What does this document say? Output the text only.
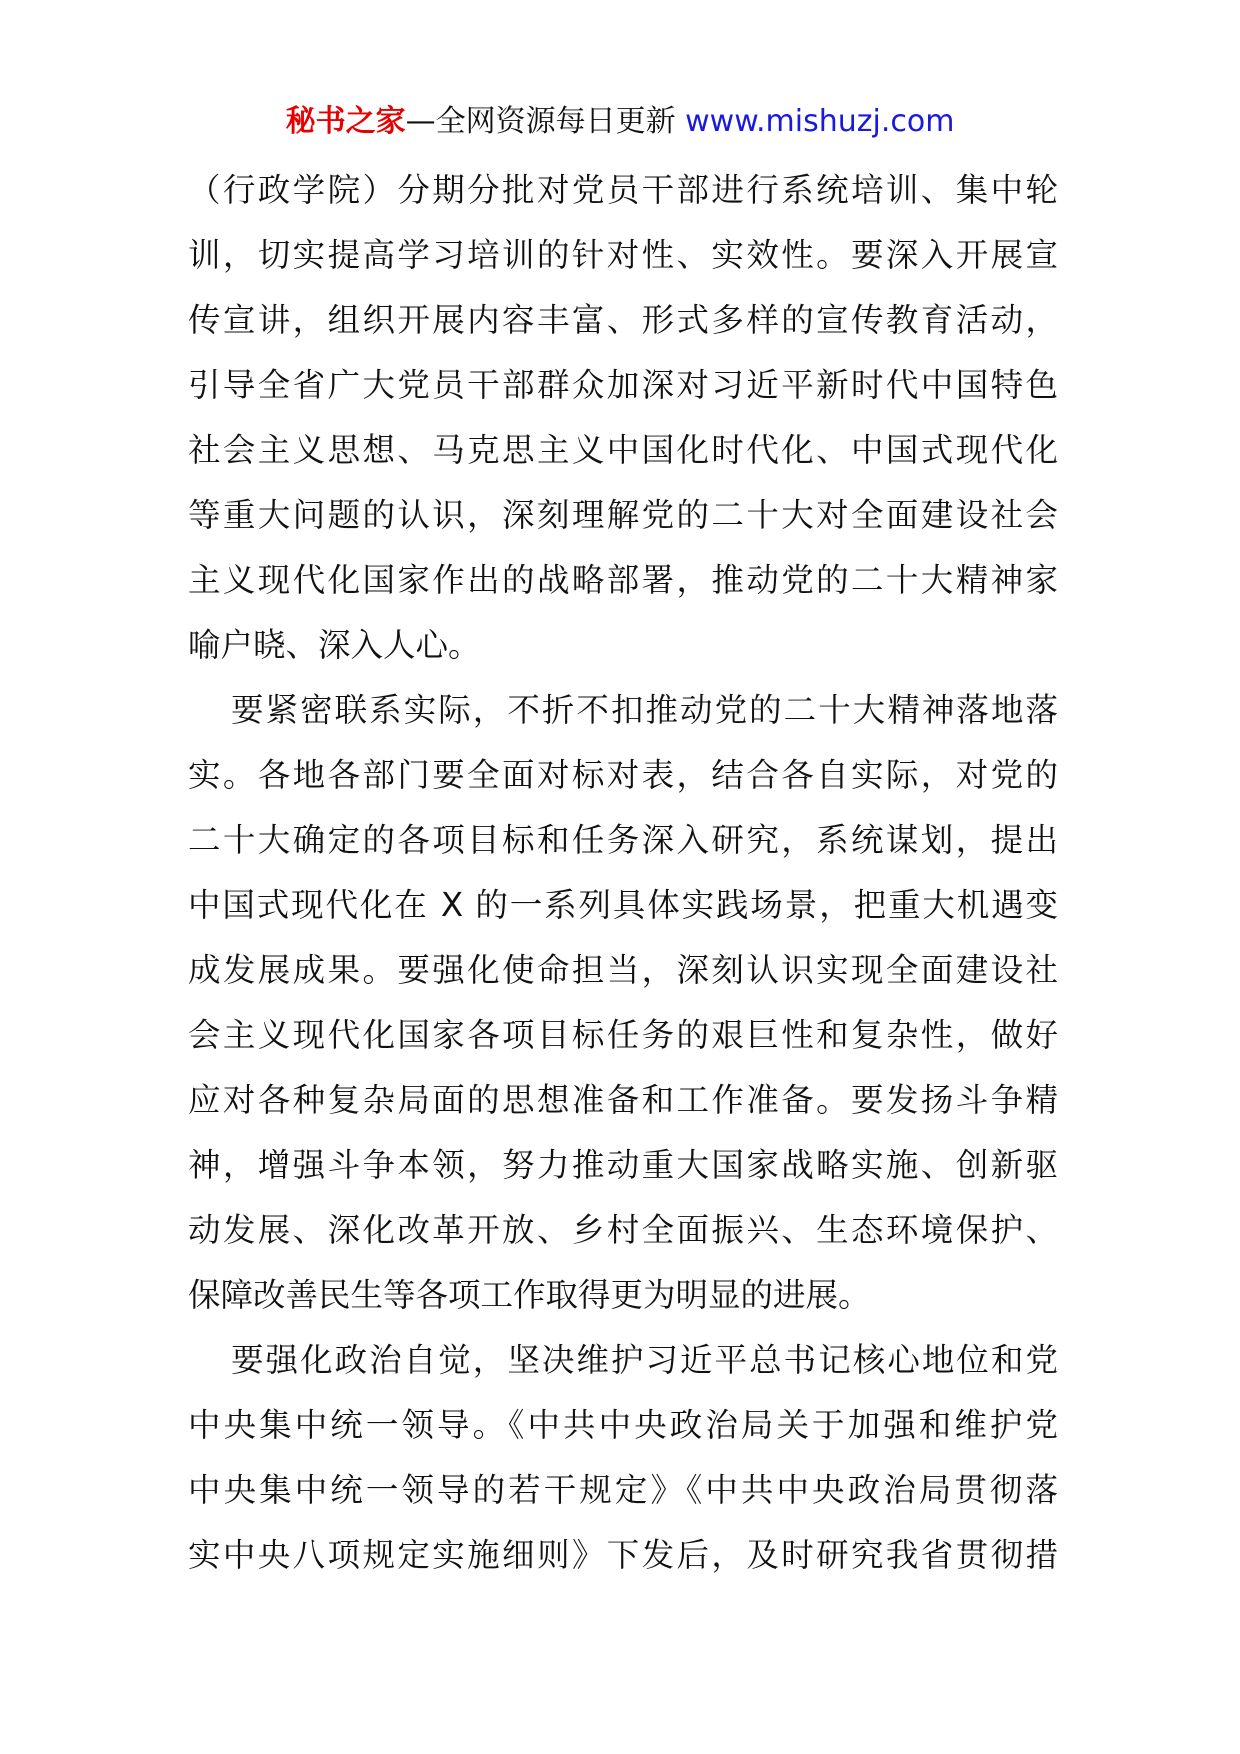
秘书之家—全网资源每日更新 www.mishuzj.com
（行政学院）分期分批对党员干部进行系统培训、集中轮
训，切实提高学习培训的针对性、实效性。要深入开展宣
传宣讲，组织开展内容丰富、形式多样的宣传教育活动，
引导全省广大党员干部群众加深对习近平新时代中国特色
社会主义思想、马克思主义中国化时代化、中国式现代化
等重大问题的认识，深刻理解党的二十大对全面建设社会
主义现代化国家作出的战略部署，推动党的二十大精神家
喻户晓、深入人心。
要紧密联系实际，不折不扣推动党的二十大精神落地落
实。各地各部门要全面对标对表，结合各自实际，对党的
二十大确定的各项目标和任务深入研究，系统谋划，提出
中国式现代化在 X 的一系列具体实践场景，把重大机遇变
成发展成果。要强化使命担当，深刻认识实现全面建设社
会主义现代化国家各项目标任务的艰巨性和复杂性，做好
应对各种复杂局面的思想准备和工作准备。要发扬斗争精
神，增强斗争本领，努力推动重大国家战略实施、创新驱
动发展、深化改革开放、乡村全面振兴、生态环境保护、
保障改善民生等各项工作取得更为明显的进展。
要强化政治自觉，坚决维护习近平总书记核心地位和党
中央集中统一领导。《中共中央政治局关于加强和维护党
中央集中统一领导的若干规定》《中共中央政治局贯彻落
实中央八项规定实施细则》下发后，及时研究我省贯彻措
